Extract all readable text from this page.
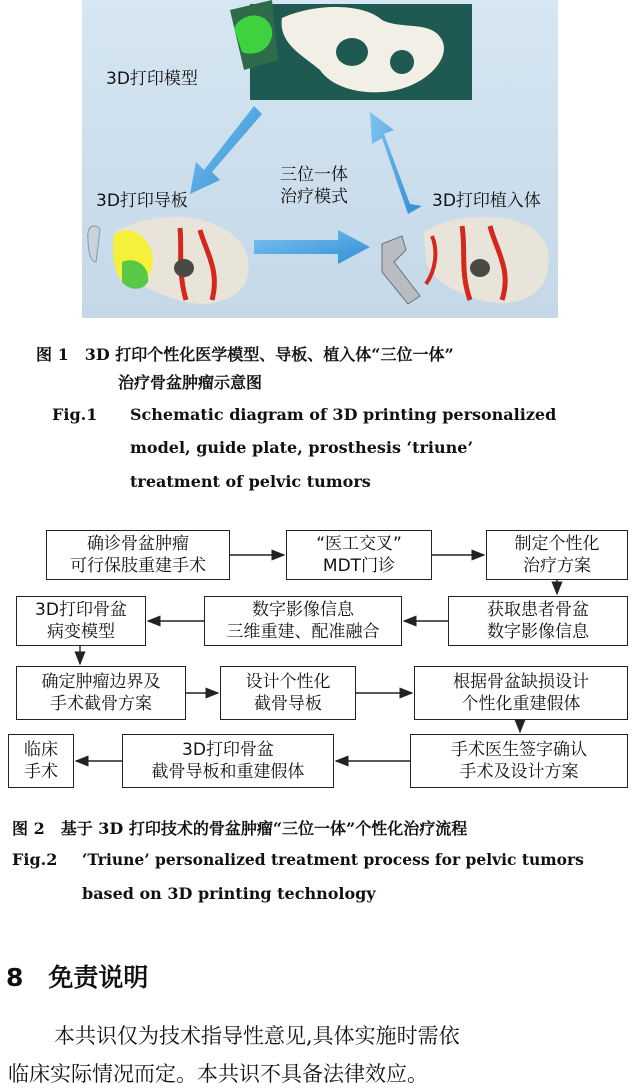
3D打印模型
3D打印导板	3D打印植入体
三位一体
治疗模式
图 1　3D 打印个性化医学模型、导板、植入体“三位一体”
治疗骨盆肿瘤示意图
Fig.1 Schematic diagram of 3D printing personalized
model, guide plate, prosthesis ‘triune’
treatment of pelvic tumors
确诊骨盆肿瘤
可行保肢重建手术
“医工交叉”
MDT门诊
制定个性化
治疗方案
3D打印骨盆
病变模型
数字影像信息
三维重建、配准融合
获取患者骨盆
数字影像信息
确定肿瘤边界及
手术截骨方案
设计个性化
截骨导板
根据骨盆缺损设计
个性化重建假体
临床
手术
3D打印骨盆
截骨导板和重建假体
手术医生签字确认
手术及设计方案
图 2　基于 3D 打印技术的骨盆肿瘤“三位一体”个性化治疗流程
Fig.2 ‘Triune’ personalized treatment process for pelvic tumors
based on 3D printing technology
8　免责说明
本共识仅为技术指导性意见,具体实施时需依
临床实际情况而定。本共识不具备法律效应。
